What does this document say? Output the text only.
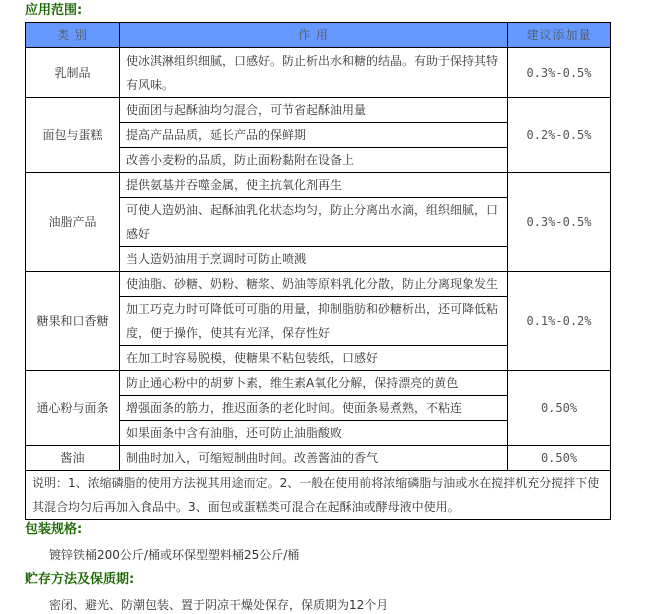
应用范围:
类 别	作 用	建议添加量
乳制品	使冰淇淋组织细腻，口感好。防止析出水和糖的结晶。有助于保持其特有风味。	0.3%-0.5%
面包与蛋糕	使面团与起酥油均匀混合，可节省起酥油用量	0.2%-0.5%
	提高产品品质，延长产品的保鲜期	
	改善小麦粉的品质，防止面粉黏附在设备上	
油脂产品	提供氨基并吞噬金属，使主抗氧化剂再生	0.3%-0.5%
	可使人造奶油、起酥油乳化状态均匀，防止分离出水滴，组织细腻，口感好	
	当人造奶油用于烹调时可防止喷溅	
糖果和口香糖	使油脂、砂糖、奶粉、糖浆、奶油等原料乳化分散，防止分离现象发生	0.1%-0.2%
	加工巧克力时可降低可可脂的用量，抑制脂肪和砂糖析出，还可降低粘度，便于操作，使其有光泽，保存性好	
	在加工时容易脱模，使糖果不粘包装纸，口感好	
通心粉与面条	防止通心粉中的胡萝卜素，维生素A氧化分解，保持漂亮的黄色	0.50%
	增强面条的筋力，推迟面条的老化时间。使面条易煮熟，不粘连	
	如果面条中含有油脂，还可防止油脂酸败	
酱油	制曲时加入，可缩短制曲时间。改善酱油的香气	0.50%
说明：1、浓缩磷脂的使用方法视其用途而定。2、一般在使用前将浓缩磷脂与油或水在搅拌机充分搅拌下使其混合均匀后再加入食品中。3、面包或蛋糕类可混合在起酥油或酵母液中使用。		
包装规格:
镀锌铁桶200公斤/桶或环保型塑料桶25公斤/桶
贮存方法及保质期:
密闭、避光、防潮包装、置于阴凉干燥处保存，保质期为12个月
